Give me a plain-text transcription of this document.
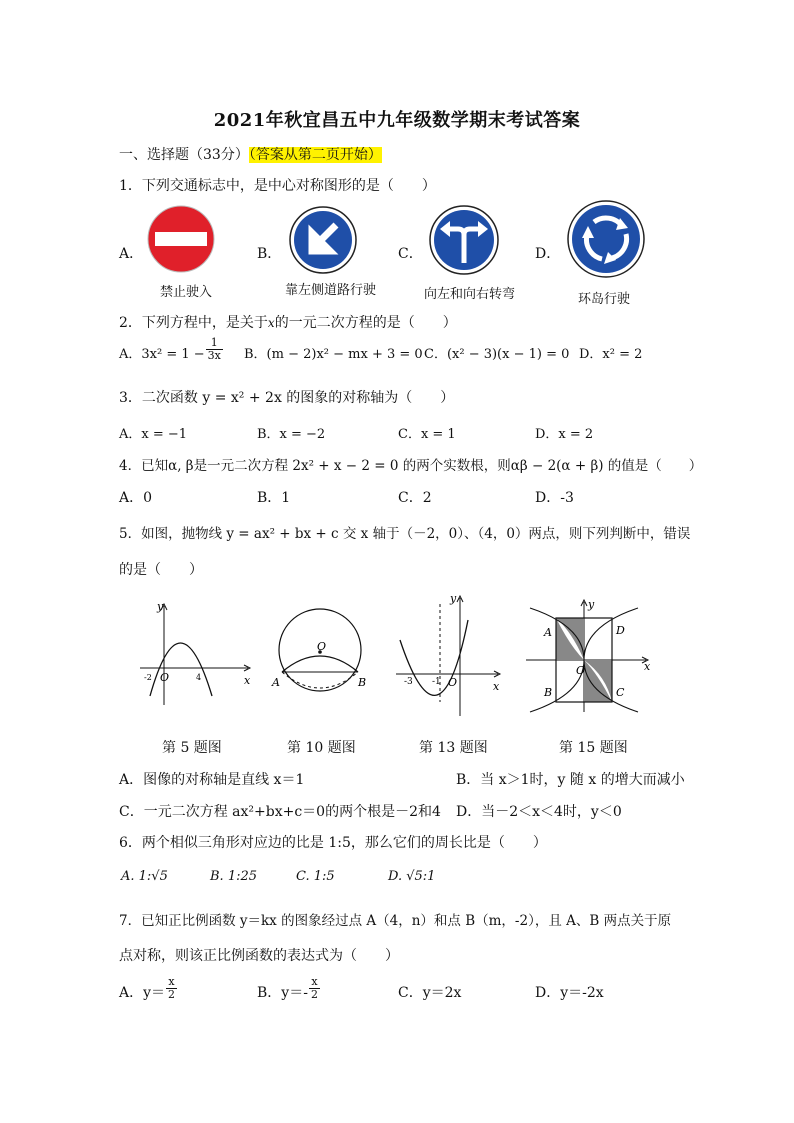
2021年秋宜昌五中九年级数学期末考试答案
一、选择题（33分）（答案从第二页开始）
1．下列交通标志中，是中心对称图形的是（　　）
A．
禁止驶入
B．
靠左侧道路行驶
C．
向左和向右转弯
D．
环岛行驶
2．下列方程中，是关于x的一元二次方程的是（　　）
A．$3x^2 = 1 - \frac{1}{3x}$ B．(m − 2)x² − mx + 3 = 0 C．(x² − 3)(x − 1) = 0 D．x² = 2
3．二次函数 y = x² + 2x 的图象的对称轴为（　　）
A．x = −1	B．x = −2	C．x = 1	D．x = 2
4．已知α, β是一元二次方程 2x² + x − 2 = 0 的两个实数根，则αβ − 2(α + β) 的值是（　　）
A．0	B．1	C．2	D．-3
5．如图，抛物线 y = ax² + bx + c 交 x 轴于（－2，0）、（4，0）两点，则下列判断中，错误
的是（　　）
y
x
O
-2	4
O
A	B
y
x
O
-3 -1
y
x
O
A	D
B	C
第 5 题图	第 10 题图	第 13 题图	第 15 题图
A．图像的对称轴是直线 x＝1	B．当 x＞1时，y 随 x 的增大而减小
C．一元二次方程 ax²+bx+c＝0的两个根是－2和4 D．当－2＜x＜4时，y＜0
6．两个相似三角形对应边的比是 1:5，那么它们的周长比是（　　）
A. 1:√5	B. 1:25	C. 1:5	D. √5:1
7．已知正比例函数 y＝kx 的图象经过点 A（4，n）和点 B（m，-2），且 A、B 两点关于原
点对称，则该正比例函数的表达式为（　　）
A．$y= \frac{x}{2}$	B．$y=- \frac{x}{2}$	C．y＝2x	D．y＝-2x
